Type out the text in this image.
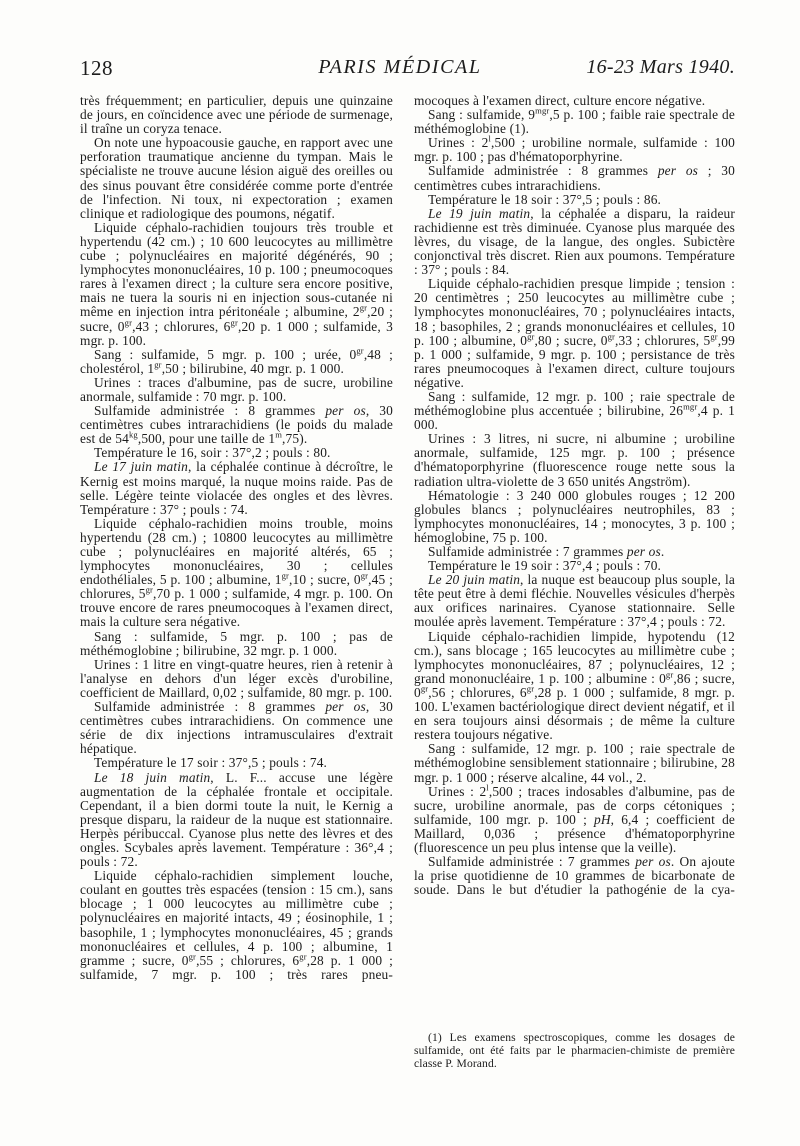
128	PARIS MÉDICAL	16-23 Mars 1940.

très fréquemment; en particulier, depuis une quinzaine de jours, en coïncidence avec une période de surmenage, il traîne un coryza tenace.

On note une hypoacousie gauche, en rapport avec une perforation traumatique ancienne du tympan. Mais le spécialiste ne trouve aucune lésion aiguë des oreilles ou des sinus pouvant être considérée comme porte d'entrée de l'infection. Ni toux, ni expectoration ; examen clinique et radiologique des poumons, négatif.

Liquide céphalo-rachidien toujours très trouble et hypertendu (42 cm.) ; 10 600 leucocytes au millimètre cube ; polynucléaires en majorité dégénérés, 90 ; lymphocytes mononucléaires, 10 p. 100 ; pneumocoques rares à l'examen direct ; la culture sera encore positive, mais ne tuera la souris ni en injection sous-cutanée ni même en injection intra péritonéale ; albumine, $2^{gr},20$ ; sucre, $0^{gr},43$ ; chlorures, $6^{gr},20$ p. 1 000 ; sulfamide, 3 mgr. p. 100.

Sang : sulfamide, 5 mgr. p. 100 ; urée, $0^{gr},48$ ; cholestérol, $1^{gr},50$ ; bilirubine, 40 mgr. p. 1 000.

Urines : traces d'albumine, pas de sucre, urobiline anormale, sulfamide : 70 mgr. p. 100.

Sulfamide administrée : 8 grammes per os, 30 centimètres cubes intrarachidiens (le poids du malade est de $54^{kg},500$, pour une taille de 1$^m$,75).

Température le 16, soir : 37°,2 ; pouls : 80.

Le 17 juin matin, la céphalée continue à décroître, le Kernig est moins marqué, la nuque moins raide. Pas de selle. Légère teinte violacée des ongles et des lèvres. Température : 37° ; pouls : 74.

Liquide céphalo-rachidien moins trouble, moins hypertendu (28 cm.) ; 10800 leucocytes au millimètre cube ; polynucléaires en majorité altérés, 65 ; lymphocytes mononucléaires, 30 ; cellules endothéliales, 5 p. 100 ; albumine, $1^{gr},10$ ; sucre, $0^{gr},45$ ; chlorures, $5^{gr},70$ p. 1 000 ; sulfamide, 4 mgr. p. 100. On trouve encore de rares pneumocoques à l'examen direct, mais la culture sera négative.

Sang : sulfamide, 5 mgr. p. 100 ; pas de méthémoglobine ; bilirubine, 32 mgr. p. 1 000.

Urines : 1 litre en vingt-quatre heures, rien à retenir à l'analyse en dehors d'un léger excès d'urobiline, coefficient de Maillard, 0,02 ; sulfamide, 80 mgr. p. 100.

Sulfamide administrée : 8 grammes per os, 30 centimètres cubes intrarachidiens. On commence une série de dix injections intramusculaires d'extrait hépatique.

Température le 17 soir : 37°,5 ; pouls : 74.

Le 18 juin matin, L. F... accuse une légère augmentation de la céphalée frontale et occipitale. Cependant, il a bien dormi toute la nuit, le Kernig a presque disparu, la raideur de la nuque est stationnaire. Herpès péribuccal. Cyanose plus nette des lèvres et des ongles. Scybales après lavement. Température : 36°,4 ; pouls : 72.

Liquide céphalo-rachidien simplement louche, coulant en gouttes très espacées (tension : 15 cm.), sans blocage ; 1 000 leucocytes au millimètre cube ; polynucléaires en majorité intacts, 49 ; éosinophile, 1 ; basophile, 1 ; lymphocytes mononucléaires, 45 ; grands mononucléaires et cellules, 4 p. 100 ; albumine, 1 gramme ; sucre, $0^{gr},55$ ; chlorures, $6^{gr},28$ p. 1 000 ; sulfamide, 7 mgr. p. 100 ; très rares pneu-

mocoques à l'examen direct, culture encore négative.

Sang : sulfamide, $9^{mgr},5$ p. 100 ; faible raie spectrale de méthémoglobine (1).

Urines : 2$^l$,500 ; urobiline normale, sulfamide : 100 mgr. p. 100 ; pas d'hématoporphyrine.

Sulfamide administrée : 8 grammes per os ; 30 centimètres cubes intrarachidiens.

Température le 18 soir : 37°,5 ; pouls : 86.

Le 19 juin matin, la céphalée a disparu, la raideur rachidienne est très diminuée. Cyanose plus marquée des lèvres, du visage, de la langue, des ongles. Subictère conjonctival très discret. Rien aux poumons. Température : 37° ; pouls : 84.

Liquide céphalo-rachidien presque limpide ; tension : 20 centimètres ; 250 leucocytes au millimètre cube ; lymphocytes mononucléaires, 70 ; polynucléaires intacts, 18 ; basophiles, 2 ; grands mononucléaires et cellules, 10 p. 100 ; albumine, $0^{gr},80$ ; sucre, $0^{gr},33$ ; chlorures, $5^{gr},99$ p. 1 000 ; sulfamide, 9 mgr. p. 100 ; persistance de très rares pneumocoques à l'examen direct, culture toujours négative.

Sang : sulfamide, 12 mgr. p. 100 ; raie spectrale de méthémoglobine plus accentuée ; bilirubine, $26^{mgr},4$ p. 1 000.

Urines : 3 litres, ni sucre, ni albumine ; urobiline anormale, sulfamide, 125 mgr. p. 100 ; présence d'hématoporphyrine (fluorescence rouge nette sous la radiation ultra-violette de 3 650 unités Angström).

Hématologie : 3 240 000 globules rouges ; 12 200 globules blancs ; polynucléaires neutrophiles, 83 ; lymphocytes mononucléaires, 14 ; monocytes, 3 p. 100 ; hémoglobine, 75 p. 100.

Sulfamide administrée : 7 grammes per os.

Température le 19 soir : 37°,4 ; pouls : 70.

Le 20 juin matin, la nuque est beaucoup plus souple, la tête peut être à demi fléchie. Nouvelles vésicules d'herpès aux orifices narinaires. Cyanose stationnaire. Selle moulée après lavement. Température : 37°,4 ; pouls : 72.

Liquide céphalo-rachidien limpide, hypotendu (12 cm.), sans blocage ; 165 leucocytes au millimètre cube ; lymphocytes mononucléaires, 87 ; polynucléaires, 12 ; grand mononucléaire, 1 p. 100 ; albumine : $0^{gr},86$ ; sucre, $0^{gr},56$ ; chlorures, $6^{gr},28$ p. 1 000 ; sulfamide, 8 mgr. p. 100. L'examen bactériologique direct devient négatif, et il en sera toujours ainsi désormais ; de même la culture restera toujours négative.

Sang : sulfamide, 12 mgr. p. 100 ; raie spectrale de méthémoglobine sensiblement stationnaire ; bilirubine, 28 mgr. p. 1 000 ; réserve alcaline, 44 vol., 2.

Urines : 2$^l$,500 ; traces indosables d'albumine, pas de sucre, urobiline anormale, pas de corps cétoniques ; sulfamide, 100 mgr. p. 100 ; pH, 6,4 ; coefficient de Maillard, 0,036 ; présence d'hématoporphyrine (fluorescence un peu plus intense que la veille).

Sulfamide administrée : 7 grammes per os. On ajoute la prise quotidienne de 10 grammes de bicarbonate de soude. Dans le but d'étudier la pathogénie de la cya-

(1) Les examens spectroscopiques, comme les dosages de sulfamide, ont été faits par le pharmacien-chimiste de première classe P. Morand.
